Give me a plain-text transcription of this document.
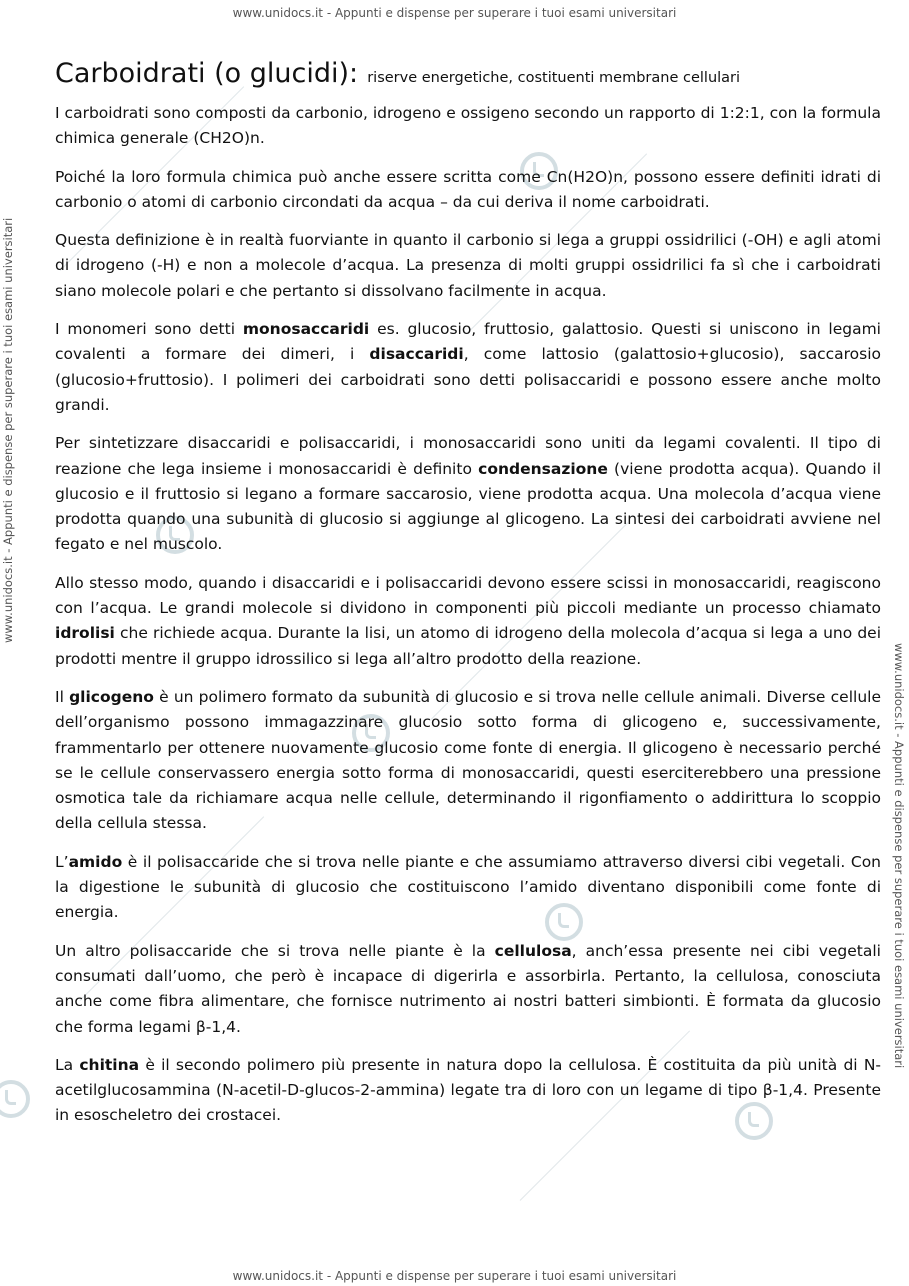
www.unidocs.it - Appunti e dispense per superare i tuoi esami universitari
www.unidocs.it - Appunti e dispense per superare i tuoi esami universitari
www.unidocs.it - Appunti e dispense per superare i tuoi esami universitari
www.unidocs.it - Appunti e dispense per superare i tuoi esami universitari
Carboidrati (o glucidi): riserve energetiche, costituenti membrane cellulari

I carboidrati sono composti da carbonio, idrogeno e ossigeno secondo un rapporto di 1:2:1, con la formula chimica generale (CH2O)n.

Poiché la loro formula chimica può anche essere scritta come Cn(H2O)n, possono essere definiti idrati di carbonio o atomi di carbonio circondati da acqua – da cui deriva il nome carboidrati.

Questa definizione è in realtà fuorviante in quanto il carbonio si lega a gruppi ossidrilici (-OH) e agli atomi di idrogeno (-H) e non a molecole d’acqua. La presenza di molti gruppi ossidrilici fa sì che i carboidrati siano molecole polari e che pertanto si dissolvano facilmente in acqua.

I monomeri sono detti monosaccaridi es. glucosio, fruttosio, galattosio. Questi si uniscono in legami covalenti a formare dei dimeri, i disaccaridi, come lattosio (galattosio+glucosio), saccarosio (glucosio+fruttosio). I polimeri dei carboidrati sono detti polisaccaridi e possono essere anche molto grandi.

Per sintetizzare disaccaridi e polisaccaridi, i monosaccaridi sono uniti da legami covalenti. Il tipo di reazione che lega insieme i monosaccaridi è definito condensazione (viene prodotta acqua). Quando il glucosio e il fruttosio si legano a formare saccarosio, viene prodotta acqua. Una molecola d’acqua viene prodotta quando una subunità di glucosio si aggiunge al glicogeno. La sintesi dei carboidrati avviene nel fegato e nel muscolo.

Allo stesso modo, quando i disaccaridi e i polisaccaridi devono essere scissi in monosaccaridi, reagiscono con l’acqua. Le grandi molecole si dividono in componenti più piccoli mediante un processo chiamato idrolisi che richiede acqua. Durante la lisi, un atomo di idrogeno della molecola d’acqua si lega a uno dei prodotti mentre il gruppo idrossilico si lega all’altro prodotto della reazione.

Il glicogeno è un polimero formato da subunità di glucosio e si trova nelle cellule animali. Diverse cellule dell’organismo possono immagazzinare glucosio sotto forma di glicogeno e, successivamente, frammentarlo per ottenere nuovamente glucosio come fonte di energia. Il glicogeno è necessario perché se le cellule conservassero energia sotto forma di monosaccaridi, questi eserciterebbero una pressione osmotica tale da richiamare acqua nelle cellule, determinando il rigonfiamento o addirittura lo scoppio della cellula stessa.

L’amido è il polisaccaride che si trova nelle piante e che assumiamo attraverso diversi cibi vegetali. Con la digestione le subunità di glucosio che costituiscono l’amido diventano disponibili come fonte di energia.

Un altro polisaccaride che si trova nelle piante è la cellulosa, anch’essa presente nei cibi vegetali consumati dall’uomo, che però è incapace di digerirla e assorbirla. Pertanto, la cellulosa, conosciuta anche come fibra alimentare, che fornisce nutrimento ai nostri batteri simbionti. È formata da glucosio che forma legami β-1,4.

La chitina è il secondo polimero più presente in natura dopo la cellulosa. È costituita da più unità di N-acetilglucosammina (N-acetil-D-glucos-2-ammina) legate tra di loro con un legame di tipo β-1,4. Presente in esoscheletro dei crostacei.
